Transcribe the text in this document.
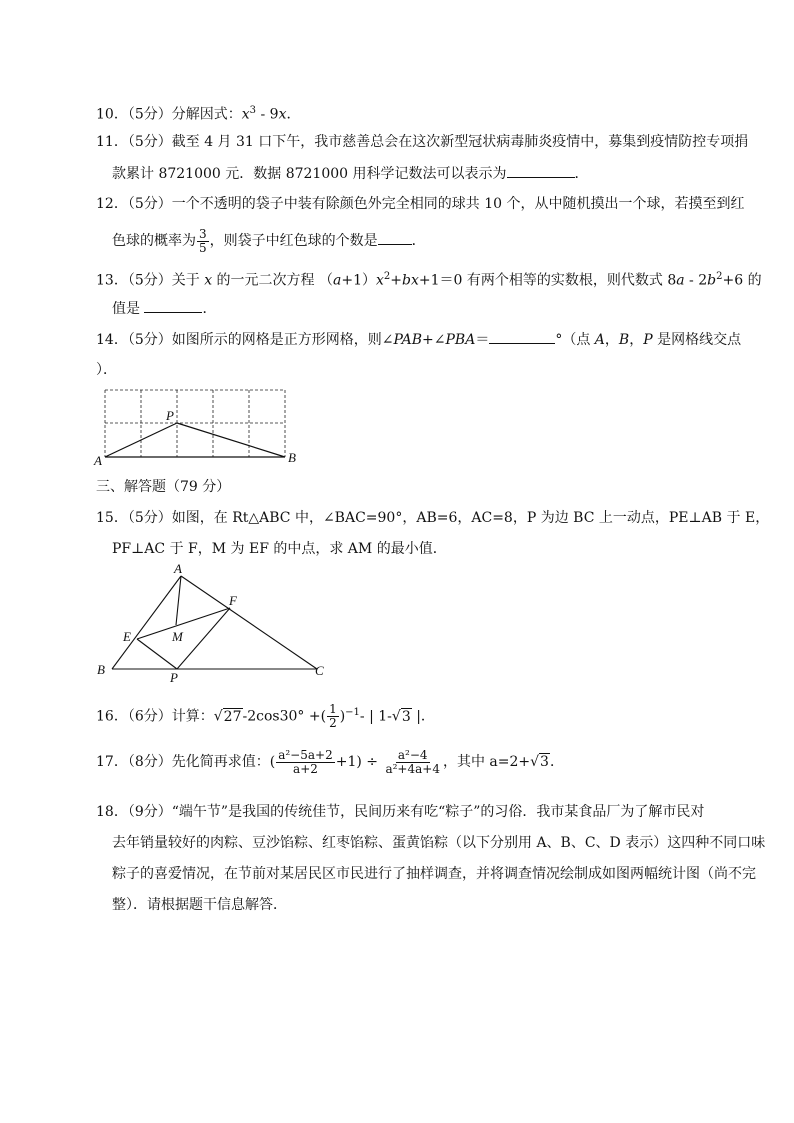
10．（5分）分解因式：$x^3 - 9x$．
11．（5分）截至 4 月 31 口下午，我市慈善总会在这次新型冠状病毒肺炎疫情中，募集到疫情防控专项捐
款累计 8721000 元．数据 8721000 用科学记数法可以表示为	．
12．（5分）一个不透明的袋子中装有除颜色外完全相同的球共 10 个，从中随机摸出一个球，若摸至到红
色球的概率为 $\frac{3}{5}$ ，则袋子中红色球的个数是 ．
13．（5分）关于 x 的一元二次方程 $(a+1)x^2+bx+1=0$ 有两个相等的实数根，则代数式 $8a - 2b^2+6$ 的
值是	．
14．（5分）如图所示的网格是正方形网格，则∠PAB+∠PBA＝	°（点 A，B，P 是网格线交点
）．
A	B
P
三、解答题（79 分）
15．（5分）如图，在 Rt△ABC 中，∠BAC=90°，AB=6，AC=8，P 为边 BC 上一动点，PE⊥AB 于 E，
PF⊥AC 于 F，M 为 EF 的中点，求 AM 的最小值．
A
B	C
E
F
M
P
16．（6分）计算：√27-2cos30° +( $\frac{1}{2} )^{-1}-$ | 1-√3 |．
17．（8分）先化简再求值：( $\frac{\text{a²−5a+2}}{a+2} +1) \div \frac{\text{a²−4}}{\text{a²+4a+4}}$ ，其中 a=2+√3．
18．（9分）“端午节”是我国的传统佳节，民间历来有吃“粽子”的习俗．我市某食品厂为了解市民对
去年销量较好的肉粽、豆沙馅粽、红枣馅粽、蛋黄馅粽（以下分别用 A、B、C、D 表示）这四种不同口味
粽子的喜爱情况，在节前对某居民区市民进行了抽样调查，并将调查情况绘制成如图两幅统计图（尚不完
整）．请根据题干信息解答．
